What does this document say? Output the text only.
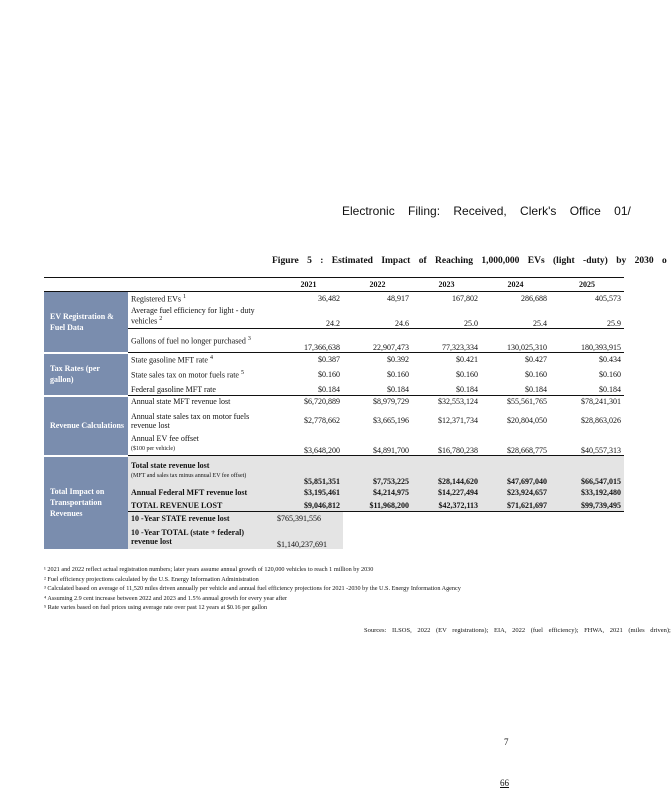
Electronic Filing: Received, Clerk's Office 01/
Figure 5 : Estimated Impact of Reaching 1,000,000 EVs (light -duty) by 2030 o
		2021	2022	2023	2024	2025
EV Registration & Fuel Data	Registered EVs $^1$	36,482	48,917	167,802	286,688	405,573
	Average fuel efficiency for light - duty vehicles $^2$	24.2	24.6	25.0	25.4	25.9
	Gallons of fuel no longer purchased $^3$	17,366,638	22,907,473	77,323,334	130,025,310	180,393,915
Tax Rates (per gallon)	State gasoline MFT rate $^4$	$0.387	$0.392	$0.421	$0.427	$0.434
	State sales tax on motor fuels rate $^5$	$0.160	$0.160	$0.160	$0.160	$0.160
	Federal gasoline MFT rate	$0.184	$0.184	$0.184	$0.184	$0.184
Revenue Calculations	Annual state MFT revenue lost	$6,720,889	$8,979,729	$32,553,124	$55,561,765	$78,241,301
	Annual state sales tax on motor fuels revenue lost	$2,778,662	$3,665,196	$12,371,734	$20,804,050	$28,863,026
	Annual EV fee offset
($100 per vehicle)	$3,648,200	$4,891,700	$16,780,238	$28,668,775	$40,557,313
Total Impact on Transportation Revenues	Total state revenue lost
(MFT and sales tax minus annual EV fee offset)	$5,851,351	$7,753,225	$28,144,620	$47,697,040	$66,547,015
	Annual Federal MFT revenue lost	$3,195,461	$4,214,975	$14,227,494	$23,924,657	$33,192,480
	TOTAL REVENUE LOST	$9,046,812	$11,968,200	$42,372,113	$71,621,697	$99,739,495
	10 -Year STATE revenue lost	$765,391,556				
	10 -Year TOTAL (state + federal) revenue lost	$1,140,237,691				
¹ 2021 and 2022 reflect actual registration numbers; later years assume annual growth of 120,000 vehicles to reach 1 million by 2030
² Fuel efficiency projections calculated by the U.S. Energy Information Administration
³ Calculated based on average of 11,520 miles driven annually per vehicle and annual fuel efficiency projections for 2021 -2030 by the U.S. Energy Information Agency
⁴ Assuming 2.9 cent increase between 2022 and 2023 and 1.5% annual growth for every year after
⁵ Rate varies based on fuel prices using average rate over past 12 years at $0.16 per gallon
Sources: ILSOS, 2022 (EV registrations); EIA, 2022 (fuel efficiency); FHWA, 2021 (miles driven);
7
66
